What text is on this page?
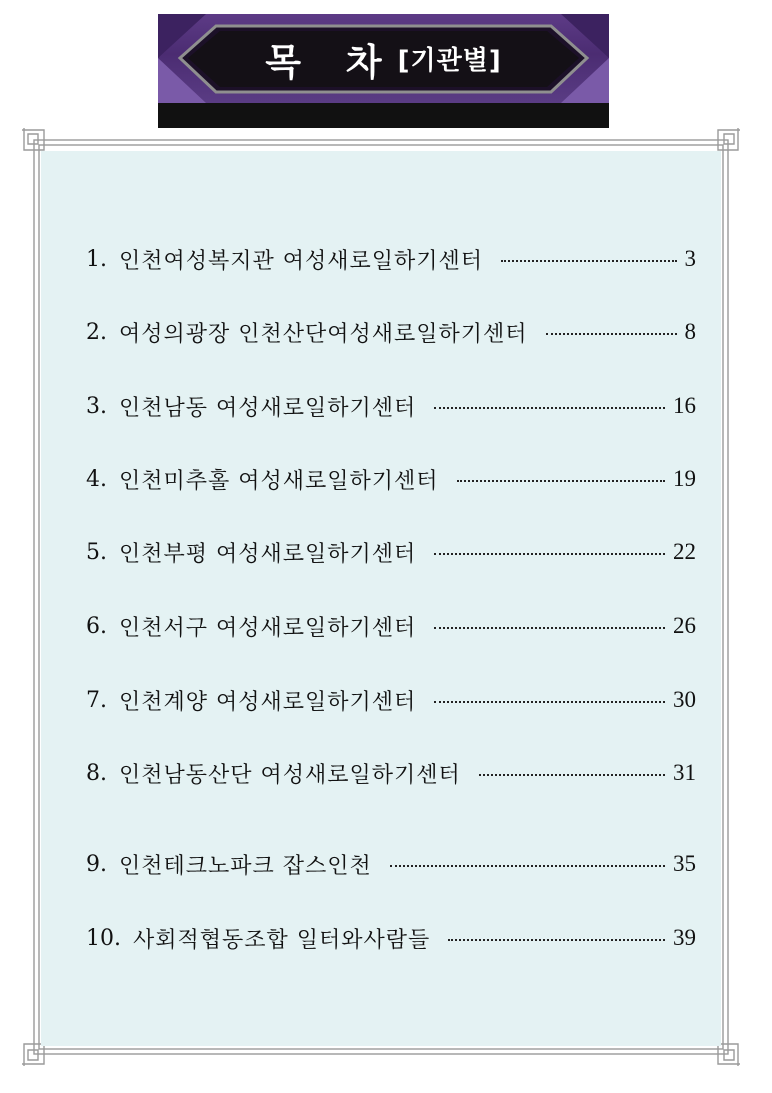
목 차 [기관별]
1. 인천여성복지관 여성새로일하기센터	3
2. 여성의광장 인천산단여성새로일하기센터	8
3. 인천남동 여성새로일하기센터	16
4. 인천미추홀 여성새로일하기센터	19
5. 인천부평 여성새로일하기센터	22
6. 인천서구 여성새로일하기센터	26
7. 인천계양 여성새로일하기센터	30
8. 인천남동산단 여성새로일하기센터	31
9. 인천테크노파크 잡스인천	35
10. 사회적협동조합 일터와사람들	39
